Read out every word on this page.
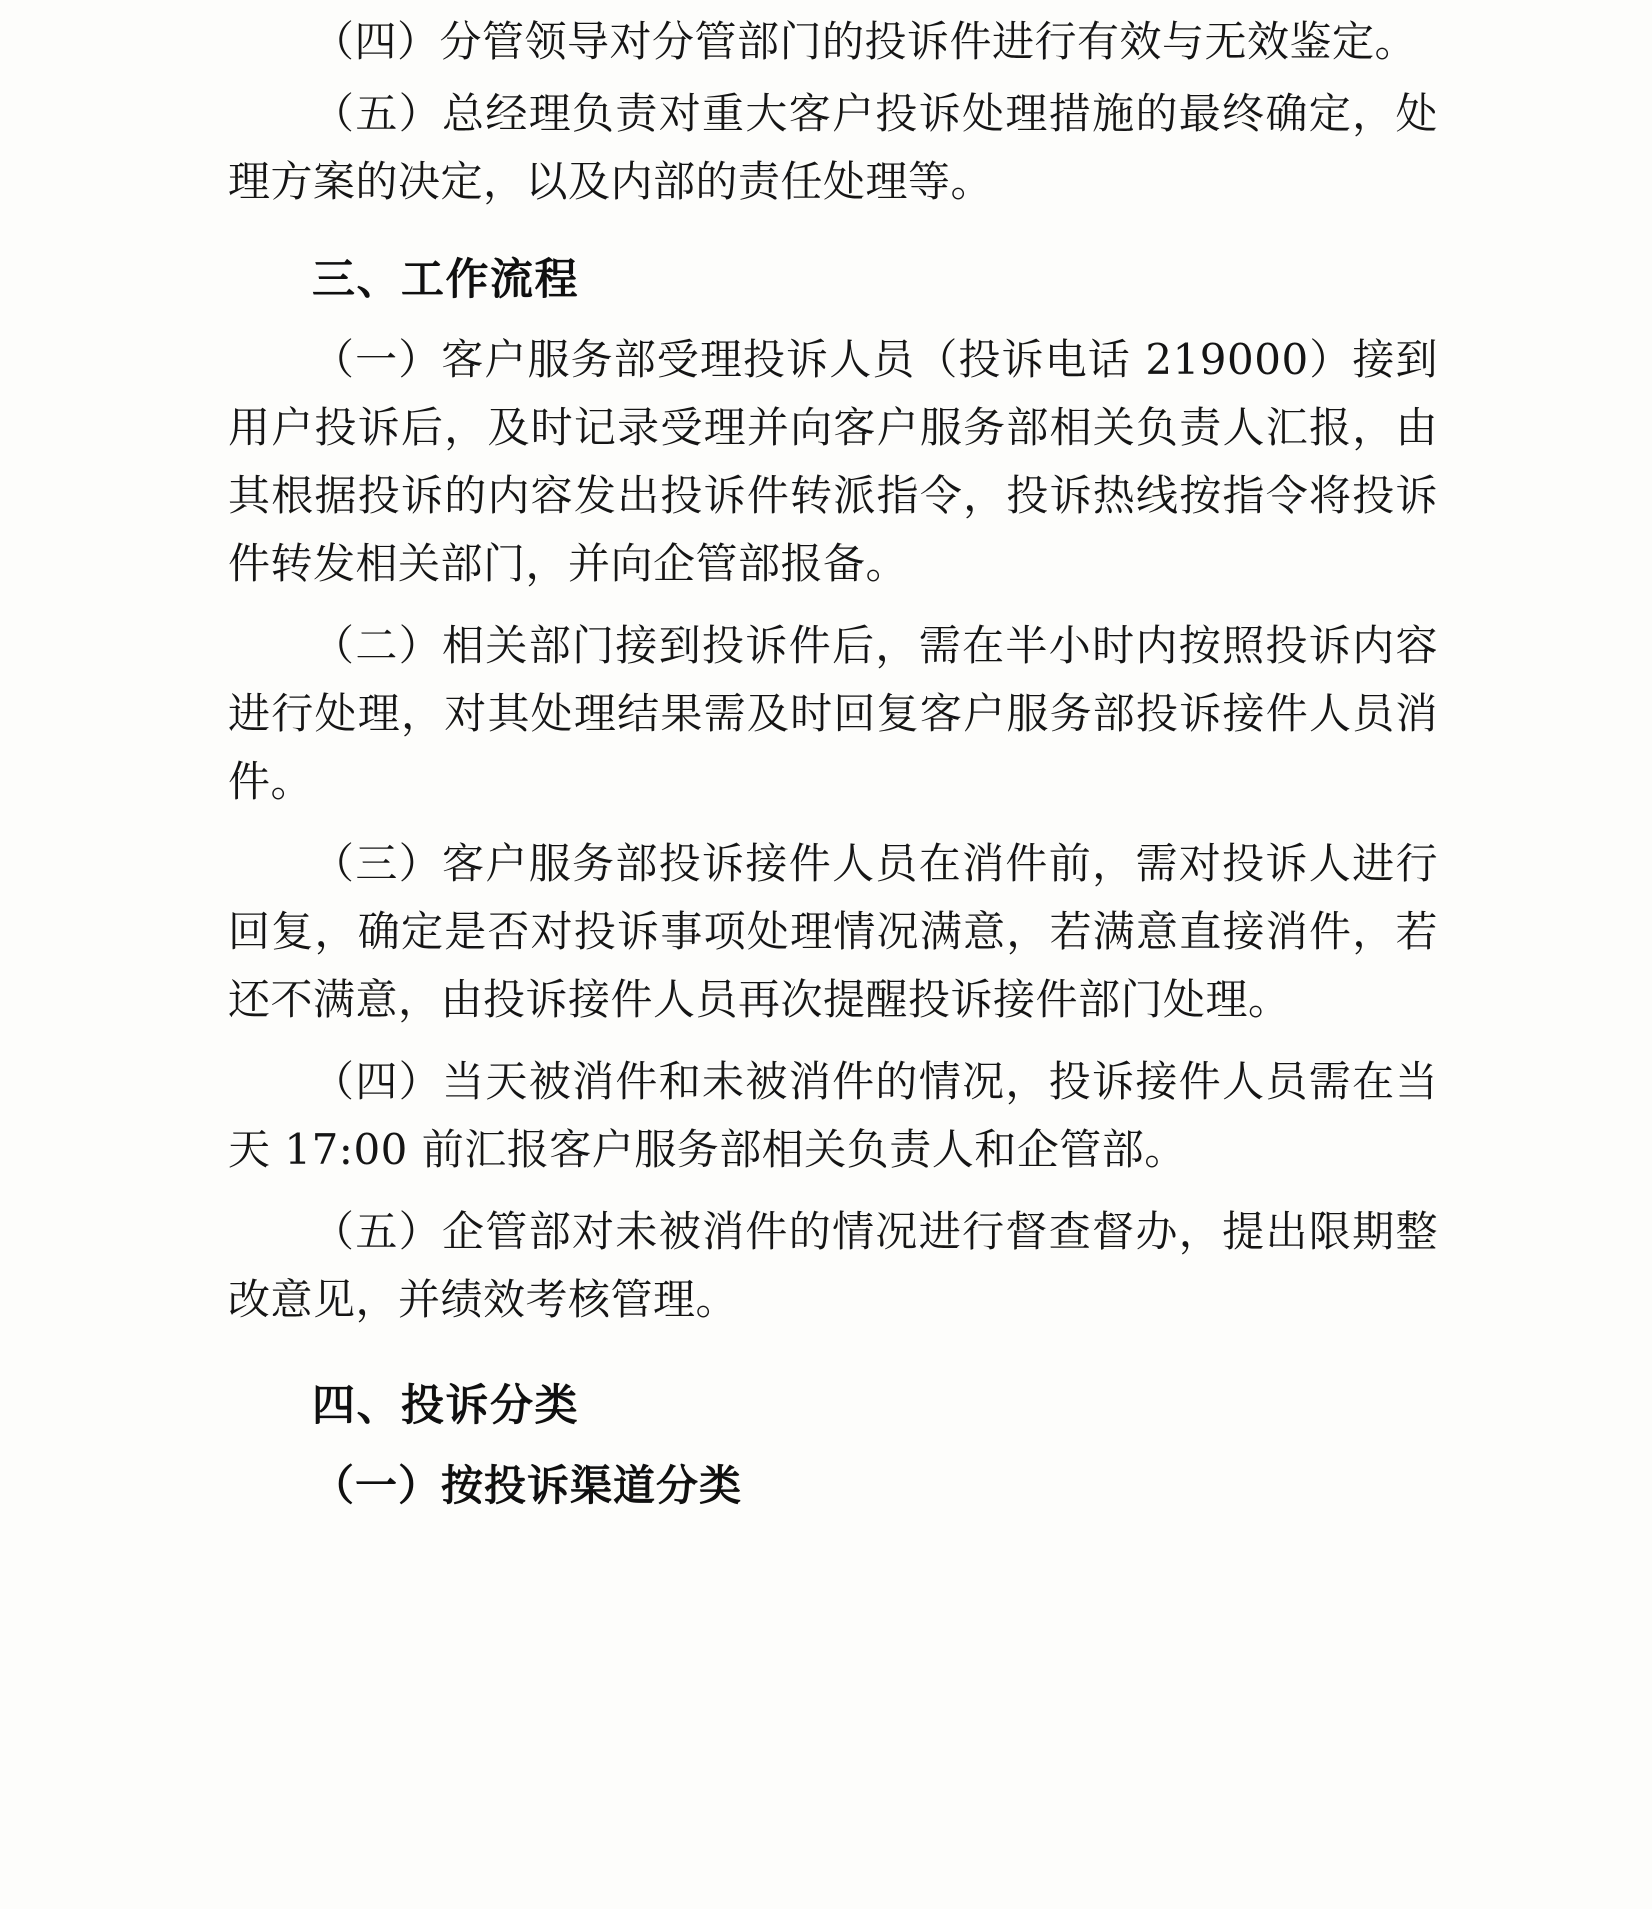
（四）分管领导对分管部门的投诉件进行有效与无效鉴定。

（五）总经理负责对重大客户投诉处理措施的最终确定，处理方案的决定，以及内部的责任处理等。

三、工作流程

（一）客户服务部受理投诉人员（投诉电话 219000）接到用户投诉后，及时记录受理并向客户服务部相关负责人汇报，由其根据投诉的内容发出投诉件转派指令，投诉热线按指令将投诉件转发相关部门，并向企管部报备。

（二）相关部门接到投诉件后，需在半小时内按照投诉内容进行处理，对其处理结果需及时回复客户服务部投诉接件人员消件。

（三）客户服务部投诉接件人员在消件前，需对投诉人进行回复，确定是否对投诉事项处理情况满意，若满意直接消件，若还不满意，由投诉接件人员再次提醒投诉接件部门处理。

（四）当天被消件和未被消件的情况，投诉接件人员需在当天 17:00 前汇报客户服务部相关负责人和企管部。

（五）企管部对未被消件的情况进行督查督办，提出限期整改意见，并绩效考核管理。

四、投诉分类
（一）按投诉渠道分类
